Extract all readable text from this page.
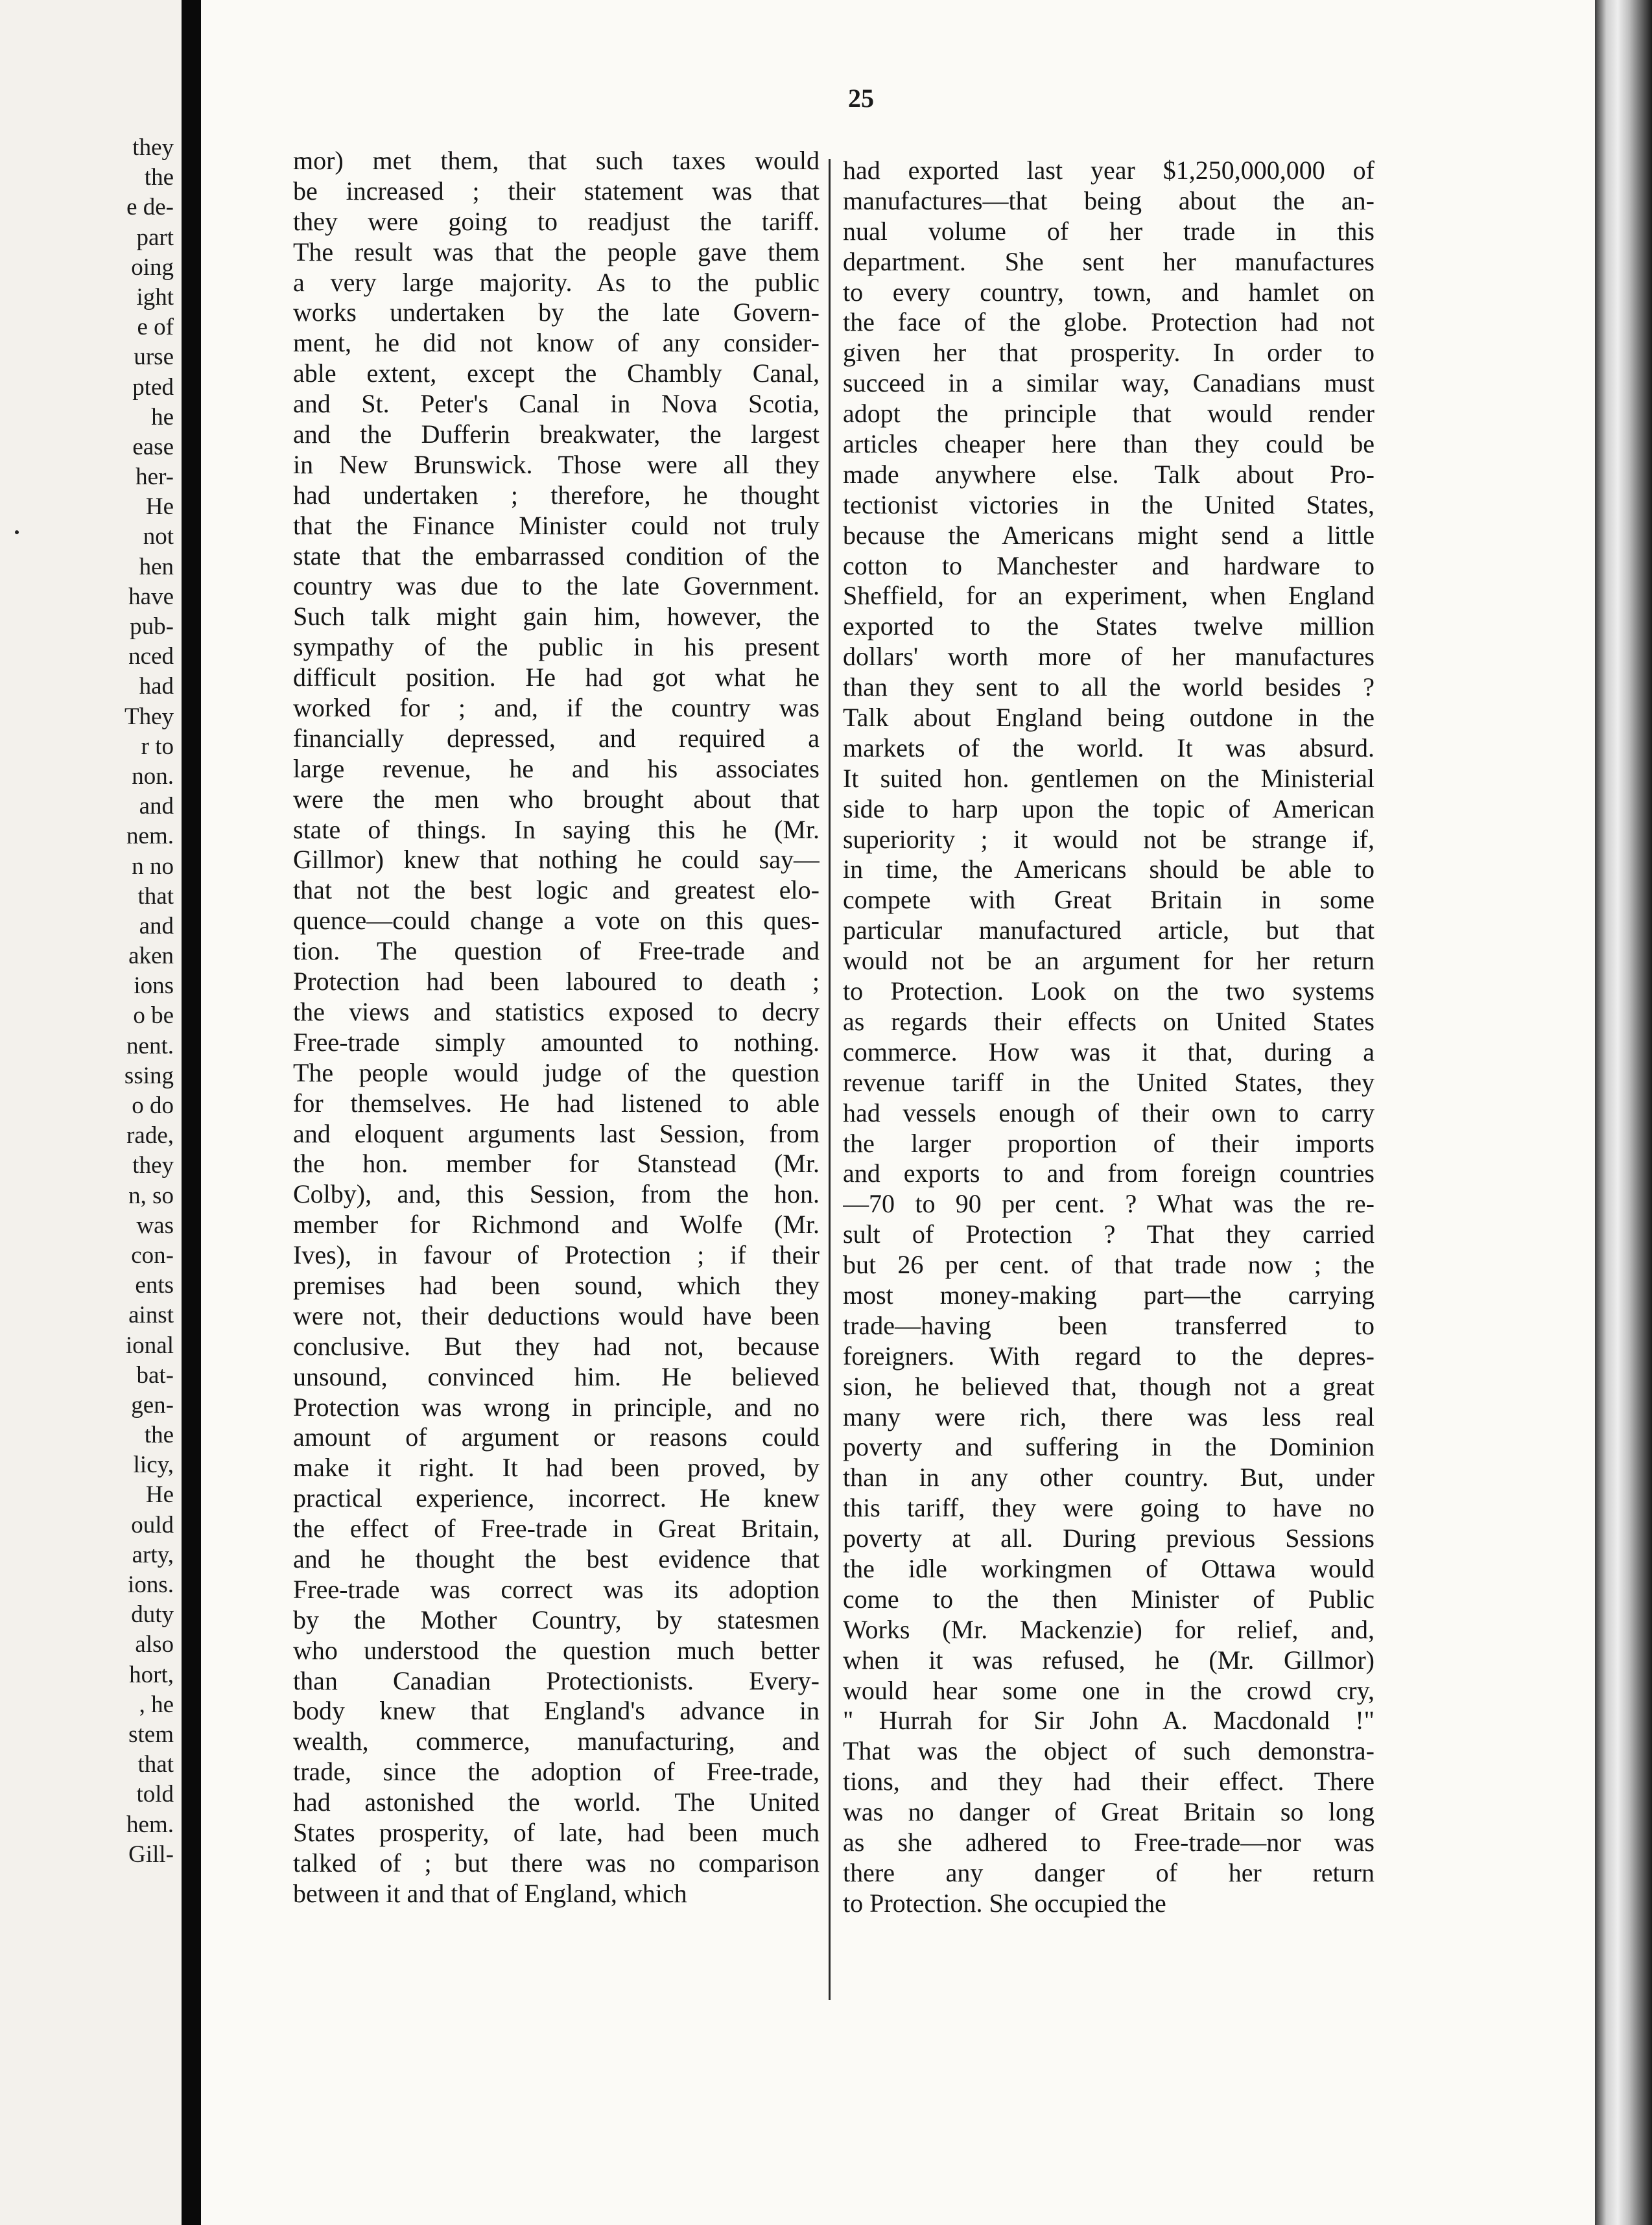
they
the
e de-
part
oing
ight
e of
urse
pted
he
ease
her-
He
not
hen
have
pub-
nced
had
They
r to
non.
and
nem.
n no
that
and
aken
ions
o be
nent.
ssing
o do
rade,
they
n, so
was
con-
ents
ainst
ional
bat-
gen-
the
licy,
He
ould
arty,
ions.
duty
also
hort,
, he
stem
that
told
hem.
Gill-
25
mor) met them, that such taxes would
be increased ; their statement was that
they were going to readjust the tariff.
The result was that the people gave them
a very large majority. As to the public
works undertaken by the late Govern-
ment, he did not know of any consider-
able extent, except the Chambly Canal,
and St. Peter's Canal in Nova Scotia,
and the Dufferin breakwater, the largest
in New Brunswick. Those were all they
had undertaken ; therefore, he thought
that the Finance Minister could not truly
state that the embarrassed condition of the
country was due to the late Government.
Such talk might gain him, however, the
sympathy of the public in his present
difficult position. He had got what he
worked for ; and, if the country was
financially depressed, and required a
large revenue, he and his associates
were the men who brought about that
state of things. In saying this he (Mr.
Gillmor) knew that nothing he could say—
that not the best logic and greatest elo-
quence—could change a vote on this ques-
tion. The question of Free-trade and
Protection had been laboured to death ;
the views and statistics exposed to decry
Free-trade simply amounted to nothing.
The people would judge of the question
for themselves. He had listened to able
and eloquent arguments last Session, from
the hon. member for Stanstead (Mr.
Colby), and, this Session, from the hon.
member for Richmond and Wolfe (Mr.
Ives), in favour of Protection ; if their
premises had been sound, which they
were not, their deductions would have been
conclusive. But they had not, because
unsound, convinced him. He believed
Protection was wrong in principle, and no
amount of argument or reasons could
make it right. It had been proved, by
practical experience, incorrect. He knew
the effect of Free-trade in Great Britain,
and he thought the best evidence that
Free-trade was correct was its adoption
by the Mother Country, by statesmen
who understood the question much better
than Canadian Protectionists. Every-
body knew that England's advance in
wealth, commerce, manufacturing, and
trade, since the adoption of Free-trade,
had astonished the world. The United
States prosperity, of late, had been much
talked of ; but there was no comparison
between it and that of England, which
had exported last year $1,250,000,000 of
manufactures—that being about the an-
nual volume of her trade in this
department. She sent her manufactures
to every country, town, and hamlet on
the face of the globe. Protection had not
given her that prosperity. In order to
succeed in a similar way, Canadians must
adopt the principle that would render
articles cheaper here than they could be
made anywhere else. Talk about Pro-
tectionist victories in the United States,
because the Americans might send a little
cotton to Manchester and hardware to
Sheffield, for an experiment, when England
exported to the States twelve million
dollars' worth more of her manufactures
than they sent to all the world besides ?
Talk about England being outdone in the
markets of the world. It was absurd.
It suited hon. gentlemen on the Ministerial
side to harp upon the topic of American
superiority ; it would not be strange if,
in time, the Americans should be able to
compete with Great Britain in some
particular manufactured article, but that
would not be an argument for her return
to Protection. Look on the two systems
as regards their effects on United States
commerce. How was it that, during a
revenue tariff in the United States, they
had vessels enough of their own to carry
the larger proportion of their imports
and exports to and from foreign countries
—70 to 90 per cent. ? What was the re-
sult of Protection ? That they carried
but 26 per cent. of that trade now ; the
most money-making part—the carrying
trade—having been transferred to
foreigners. With regard to the depres-
sion, he believed that, though not a great
many were rich, there was less real
poverty and suffering in the Dominion
than in any other country. But, under
this tariff, they were going to have no
poverty at all. During previous Sessions
the idle workingmen of Ottawa would
come to the then Minister of Public
Works (Mr. Mackenzie) for relief, and,
when it was refused, he (Mr. Gillmor)
would hear some one in the crowd cry,
" Hurrah for Sir John A. Macdonald !"
That was the object of such demonstra-
tions, and they had their effect. There
was no danger of Great Britain so long
as she adhered to Free-trade—nor was
there any danger of her return
to Protection. She occupied the
